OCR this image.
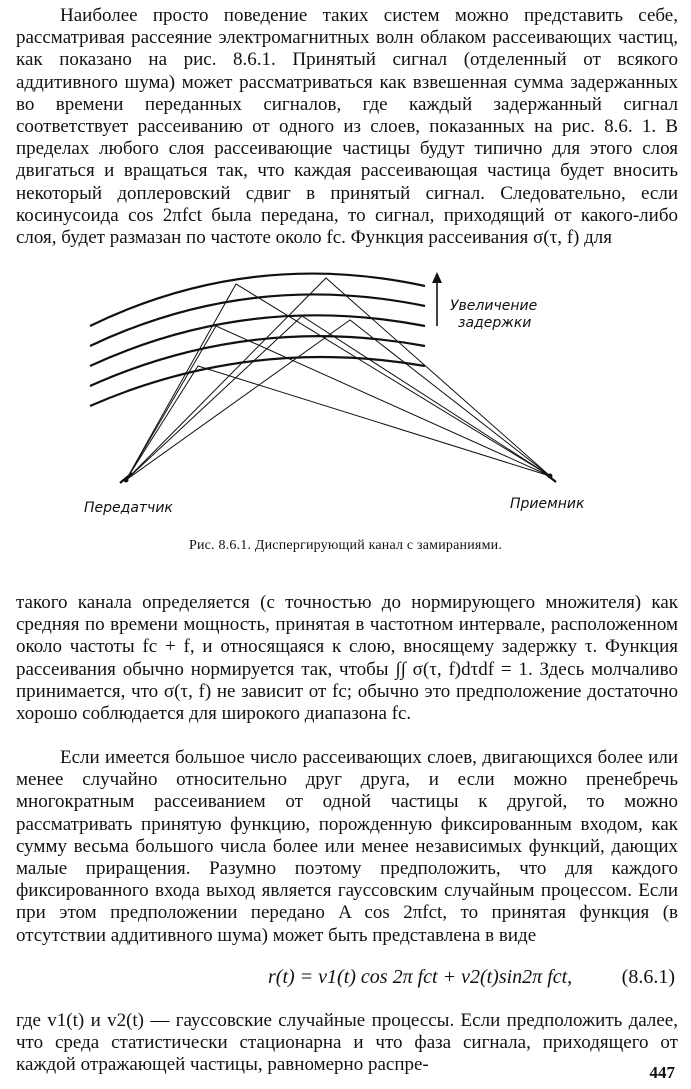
Наиболее просто поведение таких систем можно представить себе, рассматривая рассеяние электромагнитных волн облаком рассеивающих частиц, как показано на рис. 8.6.1. Принятый сигнал (отделенный от всякого аддитивного шума) может рассматриваться как взвешенная сумма задержанных во времени переданных сигналов, где каждый задержанный сигнал соответствует рассеиванию от одного из слоев, показанных на рис. 8.6. 1. В пределах любого слоя рассеивающие частицы будут типично для этого слоя двигаться и вращаться так, что каждая рассеивающая частица будет вносить некоторый доплеровский сдвиг в принятый сигнал. Следовательно, если косинусоида cos 2πfct была передана, то сигнал, приходящий от какого-либо слоя, будет размазан по частоте около fc. Функция рассеивания σ(τ, f) для

Увеличение задержки
Передатчик	Приемник
Рис. 8.6.1. Диспергирующий канал с замираниями.

такого канала определяется (с точностью до нормирующего множителя) как средняя по времени мощность, принятая в частотном интервале, расположенном около частоты fc + f, и относящаяся к слою, вносящему задержку τ. Функция рассеивания обычно нормируется так, чтобы ∫∫ σ(τ, f)dτdf = 1. Здесь молчаливо принимается, что σ(τ, f) не зависит от fc; обычно это предположение достаточно хорошо соблюдается для широкого диапазона fc.

Если имеется большое число рассеивающих слоев, двигающихся более или менее случайно относительно друг друга, и если можно пренебречь многократным рассеиванием от одной частицы к другой, то можно рассматривать принятую функцию, порожденную фиксированным входом, как сумму весьма большого числа более или менее независимых функций, дающих малые приращения. Разумно поэтому предположить, что для каждого фиксированного входа выход является гауссовским случайным процессом. Если при этом предположении передано A cos 2πfct, то принятая функция (в отсутствии аддитивного шума) может быть представлена в виде

r(t) = v1(t) cos 2π fct + v2(t)sin2π fct, (8.6.1)

где v1(t) и v2(t) — гауссовские случайные процессы. Если предположить далее, что среда статистически стационарна и что фаза сигнала, приходящего от каждой отражающей частицы, равномерно распре-	447
